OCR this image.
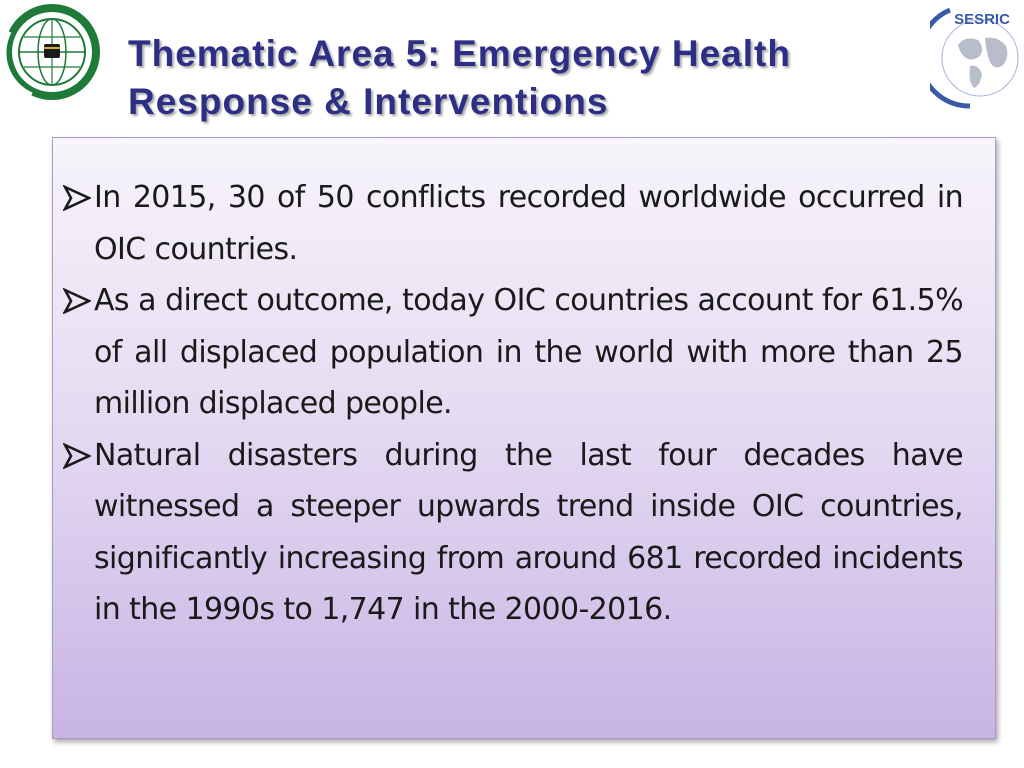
SESRIC
Thematic Area 5: Emergency Health Response & Interventions
In 2015, 30 of 50 conflicts recorded worldwide occurred in OIC countries.
As a direct outcome, today OIC countries account for 61.5% of all displaced population in the world with more than 25 million displaced people.
Natural disasters during the last four decades have witnessed a steeper upwards trend inside OIC countries, significantly increasing from around 681 recorded incidents in the 1990s to 1,747 in the 2000-2016.
